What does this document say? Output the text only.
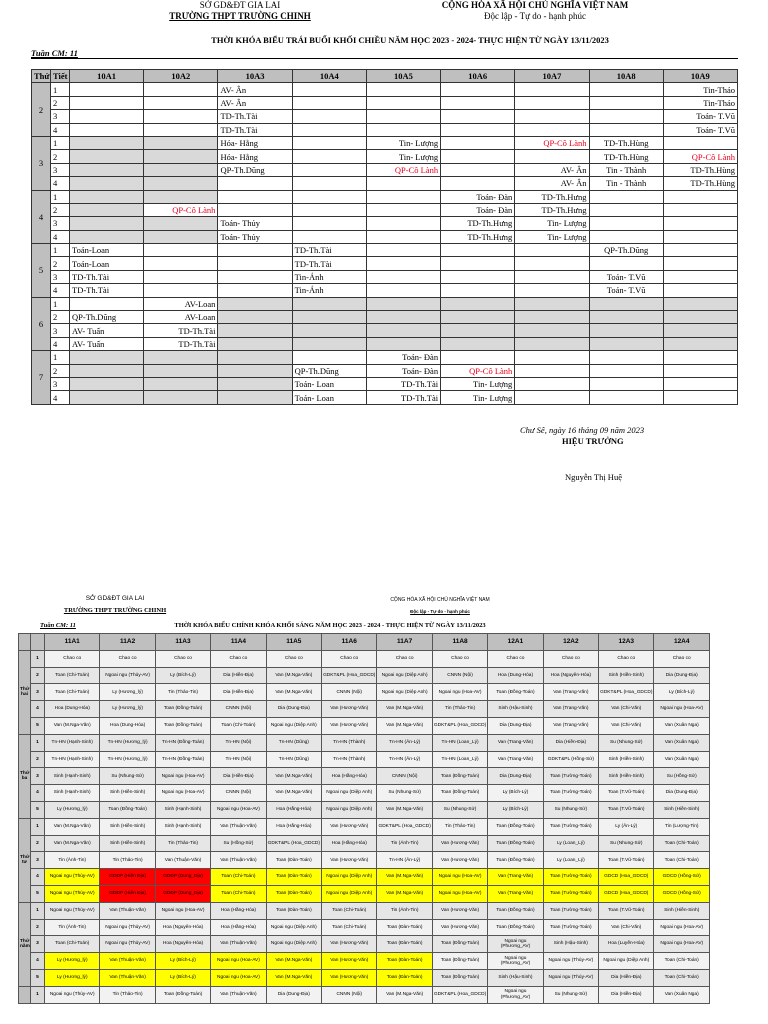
SỞ GD&ĐT GIA LAI
TRƯỜNG THPT TRƯỜNG CHINH
CỘNG HÒA XÃ HỘI CHỦ NGHĨA VIỆT NAM
Độc lập - Tự do - hạnh phúc
THỜI KHÓA BIỂU TRÁI BUỔI KHỐI CHIỀU NĂM HỌC 2023 - 2024- THỰC HIỆN TỪ NGÀY 13/11/2023
Tuần CM: 11
Thứ	Tiết	10A1	10A2	10A3	10A4	10A5	10A6	10A7	10A8	10A9
2	1			AV- Ân						Tin-Thảo
	2			AV- Ân						Tin-Thảo
	3			TD-Th.Tài						Toán- T.Vũ
	4			TD-Th.Tài						Toán- T.Vũ
3	1			Hóa- Hằng		Tin- Lượng		QP-Cô Lành	TD-Th.Hùng	
	2			Hóa- Hằng		Tin- Lượng			TD-Th.Hùng	QP-Cô Lành
	3			QP-Th.Dũng		QP-Cô Lành		AV- Ân	Tin - Thành	TD-Th.Hùng
	4							AV- Ân	Tin - Thành	TD-Th.Hùng
4	1						Toán- Đàn	TD-Th.Hưng		
	2		QP-Cô Lành				Toán- Đàn	TD-Th.Hưng		
	3			Toán- Thủy			TD-Th.Hưng	Tin- Lượng		
	4			Toán- Thủy			TD-Th.Hưng	Tin- Lượng		
5	1	Toán-Loan			TD-Th.Tài				QP-Th.Dũng	
	2	Toán-Loan			TD-Th.Tài					
	3	TD-Th.Tài			Tin-Ánh				Toán- T.Vũ	
	4	TD-Th.Tài			Tin-Ánh				Toán- T.Vũ	
6	1		AV-Loan							
	2	QP-Th.Dũng	AV-Loan							
	3	AV- Tuấn	TD-Th.Tài							
	4	AV- Tuấn	TD-Th.Tài							
7	1					Toán- Đàn				
	2				QP-Th.Dũng	Toán- Đàn	QP-Cô Lành			
	3				Toán- Loan	TD-Th.Tài	Tin- Lượng			
	4				Toán- Loan	TD-Th.Tài	Tin- Lượng			
Chư Sê, ngày 16 tháng 09 năm 2023
HIỆU TRƯỞNG
Nguyễn Thị Huệ
SỞ GD&ĐT GIA LAI
TRƯỜNG THPT TRƯỜNG CHINH
CỘNG HÒA XÃ HỘI CHỦ NGHĨA VIỆT NAM
Độc lập - Tự do - hạnh phúc
Tuần CM: 11	THỜI KHÓA BIỂU CHÍNH KHÓA KHỐI SÁNG NĂM HỌC 2023 - 2024 - THỰC HIỆN TỪ NGÀY 13/11/2023
		11A1	11A2	11A3	11A4	11A5	11A6	11A7	11A8	12A1	12A2	12A3	12A4
Thứ hai	1	Chao co	Chao co	Chao co	Chao co	Chao co	Chao co	Chao co	Chao co	Chao co	Chao co	Chao co	Chao co
	2	Toan (Chi-Toán)	Ngoai ngu (Thủy-AV)	Ly (Bích-Lý)	Dia (Hiền-Địa)	Van (M.Nga-Văn)	GDKT&PL (Hoa_GDCD)	Ngoai ngu (Diệp Anh)	CNNN (Nội)	Hoa (Dung-Hóa)	Hoa (Nguyên-Hóa)	Sinh (Hiền-Sinh)	Dia (Dung-Địa)
	3	Toan (Chi-Toán)	Ly (Hương_lý)	Tin (Thảo-Tin)	Dia (Hiền-Địa)	Van (M.Nga-Văn)	CNNN (Nội)	Ngoai ngu (Diệp Anh)	Ngoai ngu (Hoa-AV)	Toan (Đồng-Toán)	Van (Trang-Văn)	GDKT&PL (Hoa_GDCD)	Ly (Bích-Lý)
	4	Hoa (Dung-Hóa)	Ly (Hương_lý)	Toan (Đồng-Toán)	CNNN (Nội)	Dia (Dung-Địa)	Van (Hương-Văn)	Van (M.Nga-Văn)	Tin (Thảo-Tin)	Sinh (Hậu-Sinh)	Van (Trang-Văn)	Van (Chi-Văn)	Ngoai ngu (Hoa-AV)
	5	Van (M.Nga-Văn)	Hoa (Dung-Hóa)	Toan (Đồng-Toán)	Toan (Chi-Toán)	Ngoai ngu (Diệp Anh)	Van (Hương-Văn)	Van (M.Nga-Văn)	GDKT&PL (Hoa_GDCD)	Dia (Dung-Địa)	Van (Trang-Văn)	Van (Chi-Văn)	Van (Xuân Nga)
Thứ ba	1	Tn-HN (Hạnh-Sinh)	Tn-HN (Hương_lý)	Tn-HN (Đồng-Toán)	Tn-HN (Nội)	Tn-HN (Dũng)	Tn-HN (Thành)	Tn-HN (Ân-Lý)	Tn-HN (Loan_Lý)	Van (Trang-Văn)	Dia (Hiền-Địa)	Su (Nhung-Sử)	Van (Xuân Nga)
	2	Tn-HN (Hạnh-Sinh)	Tn-HN (Hương_lý)	Tn-HN (Đồng-Toán)	Tn-HN (Nội)	Tn-HN (Dũng)	Tn-HN (Thành)	Tn-HN (Ân-Lý)	Tn-HN (Loan_Lý)	Van (Trang-Văn)	GDKT&PL (Hồng-Sử)	Sinh (Hiền-Sinh)	Van (Xuân Nga)
	3	Sinh (Hạnh-Sinh)	Su (Nhung-Sử)	Ngoai ngu (Hoa-AV)	Dia (Hiền-Địa)	Van (M.Nga-Văn)	Hoa (Hằng-Hóa)	CNNN (Nội)	Toan (Đồng-Toán)	Dia (Dung-Địa)	Toan (Tường-Toán)	Sinh (Hiền-Sinh)	Su (Hồng-Sử)
	4	Sinh (Hạnh-Sinh)	Sinh (Hiền-Sinh)	Ngoai ngu (Hoa-AV)	CNNN (Nội)	Van (M.Nga-Văn)	Ngoai ngu (Diệp Anh)	Su (Nhung-Sử)	Toan (Đồng-Toán)	Ly (Bích-Lý)	Toan (Tường-Toán)	Toan (T.Vũ-Toán)	Dia (Dung-Địa)
	5	Ly (Hương_lý)	Toan (Đồng-Toán)	Sinh (Hạnh-Sinh)	Ngoai ngu (Hoa-AV)	Hoa (Hằng-Hóa)	Ngoai ngu (Diệp Anh)	Van (M.Nga-Văn)	Su (Nhung-Sử)	Ly (Bích-Lý)	Su (Nhung-Sử)	Toan (T.Vũ-Toán)	Sinh (Hiền-Sinh)
Thứ tư	1	Van (M.Nga-Văn)	Sinh (Hiền-Sinh)	Sinh (Hạnh-Sinh)	Van (Thuận-Văn)	Hoa (Hằng-Hóa)	Van (Hương-Văn)	GDKT&PL (Hoa_GDCD)	Tin (Thảo-Tin)	Toan (Đồng-Toán)	Toan (Tường-Toán)	Ly (Ân-Lý)	Tin (Lượng-Tin)
	2	Van (M.Nga-Văn)	Sinh (Hiền-Sinh)	Tin (Thảo-Tin)	Su (Hồng-Sử)	GDKT&PL (Hoa_GDCD)	Hoa (Hằng-Hóa)	Tin (Ánh-Tin)	Van (Hương-Văn)	Toan (Đồng-Toán)	Ly (Loan_Lý)	Su (Nhung-Sử)	Toan (Chi-Toán)
	3	Tin (Ánh-Tin)	Tin (Thảo-Tin)	Van (Thuận-Văn)	Van (Thuận-Văn)	Toan (Đàn-Toán)	Van (Hương-Văn)	Tn-HN (Ân-Lý)	Van (Hương-Văn)	Toan (Đồng-Toán)	Ly (Loan_Lý)	Toan (T.Vũ-Toán)	Toan (Chi-Toán)
	4	Ngoai ngu (Thủy-AV)	GDĐP (Hiền Địa)	GDĐP (Dung_Địa)	Toan (Chi-Toán)	Toan (Đàn-Toán)	Ngoai ngu (Diệp Anh)	Van (M.Nga-Văn)	Ngoai ngu (Hoa-AV)	Van (Trang-Văn)	Toan (Tường-Toán)	GDCD (Hoa_GDCD)	GDCD (Hồng-Sử)
	5	Ngoai ngu (Thủy-AV)	GDĐP (Hiền Địa)	GDĐP (Dung_Địa)	Toan (Chi-Toán)	Toan (Đàn-Toán)	Ngoai ngu (Diệp Anh)	Van (M.Nga-Văn)	Ngoai ngu (Hoa-AV)	Van (Trang-Văn)	Toan (Tường-Toán)	GDCD (Hoa_GDCD)	GDCD (Hồng-Sử)
Thứ năm	1	Ngoai ngu (Thủy-AV)	Van (Thuận-Văn)	Ngoai ngu (Hoa-AV)	Hoa (Hằng-Hóa)	Toan (Đàn-Toán)	Toan (Chi-Toán)	Tin (Ánh-Tin)	Van (Hương-Văn)	Toan (Đồng-Toán)	Toan (Tường-Toán)	Toan (T.Vũ-Toán)	Sinh (Hiền-Sinh)
	2	Tin (Ánh-Tin)	Ngoai ngu (Thủy-AV)	Hoa (Nguyên-Hóa)	Hoa (Hằng-Hóa)	Ngoai ngu (Diệp Anh)	Toan (Chi-Toán)	Toan (Đàn-Toán)	Van (Hương-Văn)	Toan (Đồng-Toán)	Toan (Tường-Toán)	Van (Chi-Văn)	Ngoai ngu (Hoa-AV)
	3	Toan (Chi-Toán)	Ngoai ngu (Thủy-AV)	Hoa (Nguyên-Hóa)	Van (Thuận-Văn)	Ngoai ngu (Diệp Anh)	Van (Hương-Văn)	Toan (Đàn-Toán)	Toan (Đồng-Toán)	Ngoai ngu (Phương_AV)	Sinh (Hậu-Sinh)	Hoa (Luyến-Hóa)	Ngoai ngu (Hoa-AV)
	4	Ly (Hương_lý)	Van (Thuận-Văn)	Ly (Bích-Lý)	Ngoai ngu (Hoa-AV)	Van (M.Nga-Văn)	Van (Hương-Văn)	Toan (Đàn-Toán)	Toan (Đồng-Toán)	Ngoai ngu (Phương_AV)	Ngoai ngu (Thủy-AV)	Ngoai ngu (Diệp Anh)	Toan (Chi-Toán)
	5	Ly (Hương_lý)	Van (Thuận-Văn)	Ly (Bích-Lý)	Ngoai ngu (Hoa-AV)	Van (M.Nga-Văn)	Van (Hương-Văn)	Toan (Đàn-Toán)	Toan (Đồng-Toán)	Sinh (Hậu-Sinh)	Ngoai ngu (Thủy-AV)	Dia (Hiền-Địa)	Toan (Chi-Toán)
	1	Ngoai ngu (Thủy-AV)	Tin (Thảo-Tin)	Toan (Đồng-Toán)	Van (Thuận-Văn)	Dia (Dung-Địa)	CNNN (Nội)	Van (M.Nga-Văn)	GDKT&PL (Hoa_GDCD)	Ngoai ngu (Phương_AV)	Su (Nhung-Sử)	Dia (Hiền-Địa)	Van (Xuân Nga)
